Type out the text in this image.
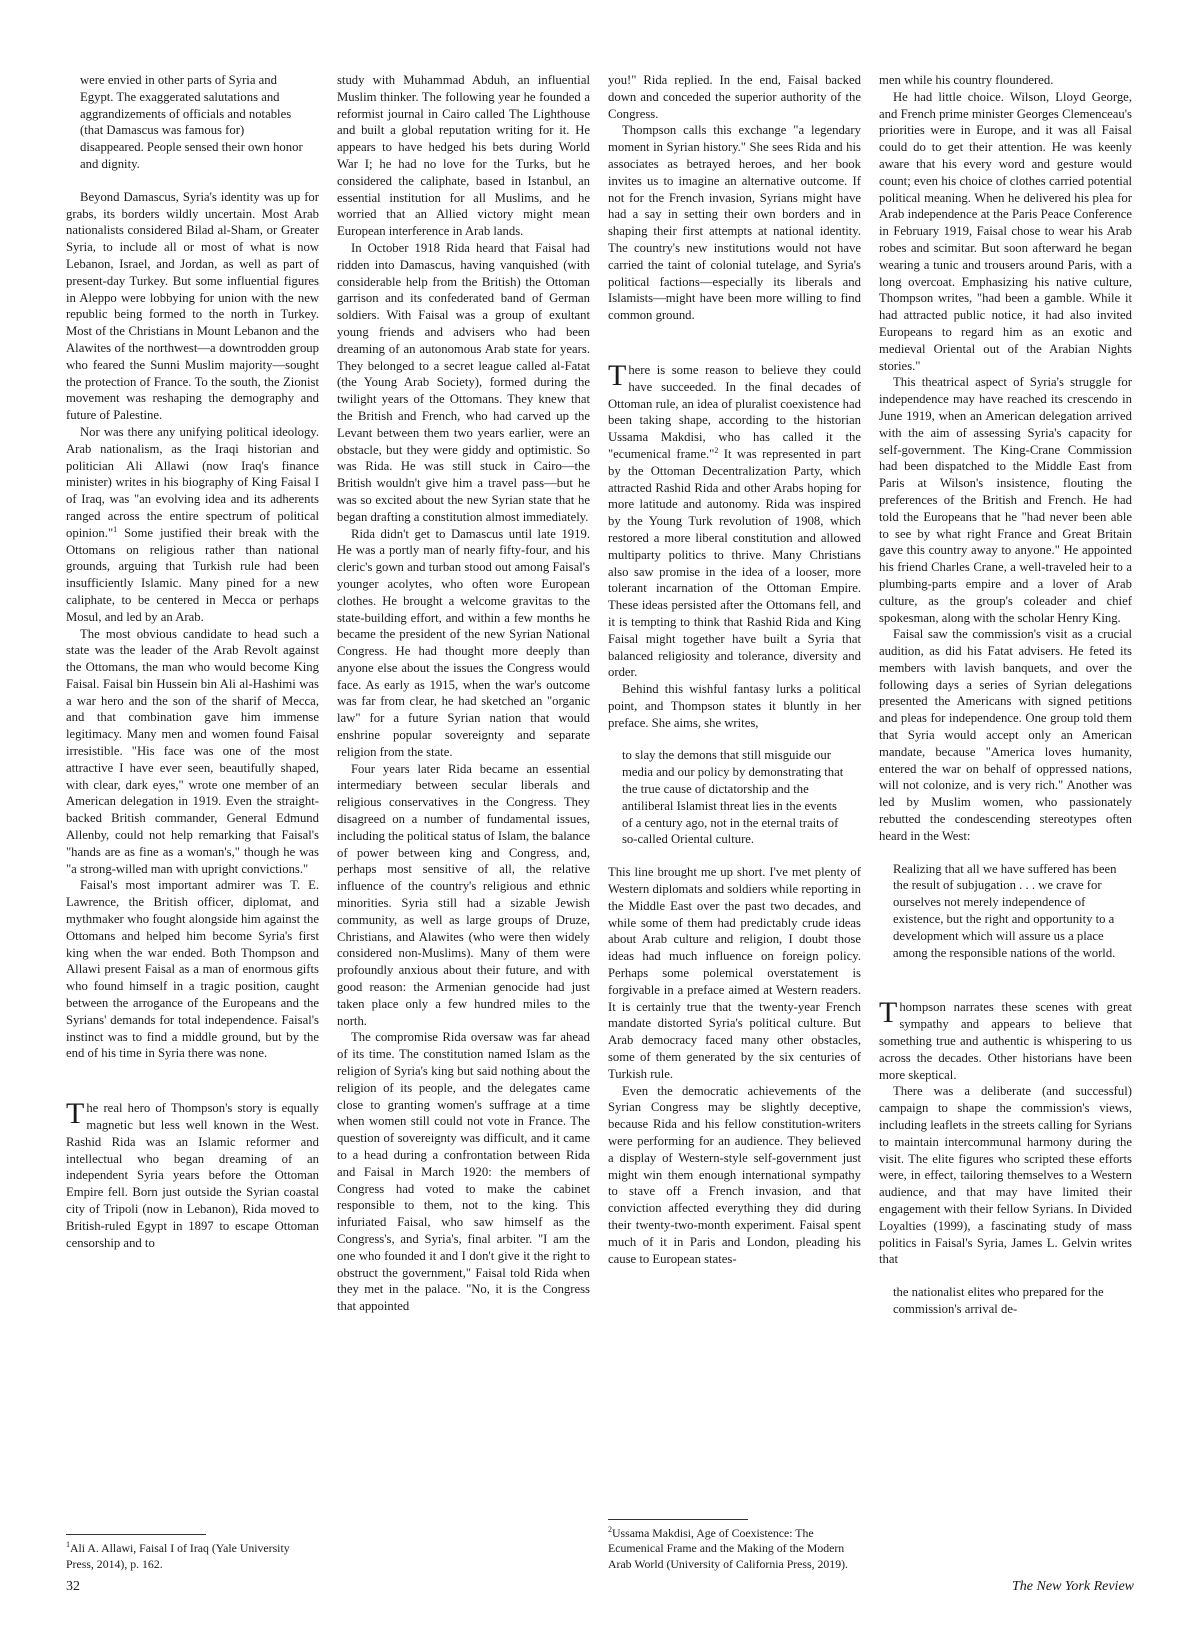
were envied in other parts of Syria and Egypt. The exaggerated salutations and aggrandizements of officials and notables (that Damascus was famous for) disappeared. People sensed their own honor and dignity.

Beyond Damascus, Syria's identity was up for grabs, its borders wildly uncertain. Most Arab nationalists considered Bilad al-Sham, or Greater Syria, to include all or most of what is now Lebanon, Israel, and Jordan, as well as part of present-day Turkey. But some influential figures in Aleppo were lobbying for union with the new republic being formed to the north in Turkey. Most of the Christians in Mount Lebanon and the Alawites of the northwest—a downtrodden group who feared the Sunni Muslim majority—sought the protection of France. To the south, the Zionist movement was reshaping the demography and future of Palestine.

Nor was there any unifying political ideology. Arab nationalism, as the Iraqi historian and politician Ali Allawi (now Iraq's finance minister) writes in his biography of King Faisal I of Iraq, was "an evolving idea and its adherents ranged across the entire spectrum of political opinion."$^1$ Some justified their break with the Ottomans on religious rather than national grounds, arguing that Turkish rule had been insufficiently Islamic. Many pined for a new caliphate, to be centered in Mecca or perhaps Mosul, and led by an Arab.

The most obvious candidate to head such a state was the leader of the Arab Revolt against the Ottomans, the man who would become King Faisal. Faisal bin Hussein bin Ali al-Hashimi was a war hero and the son of the sharif of Mecca, and that combination gave him immense legitimacy. Many men and women found Faisal irresistible. "His face was one of the most attractive I have ever seen, beautifully shaped, with clear, dark eyes," wrote one member of an American delegation in 1919. Even the straight-backed British commander, General Edmund Allenby, could not help remarking that Faisal's "hands are as fine as a woman's," though he was "a strong-willed man with upright convictions."

Faisal's most important admirer was T. E. Lawrence, the British officer, diplomat, and mythmaker who fought alongside him against the Ottomans and helped him become Syria's first king when the war ended. Both Thompson and Allawi present Faisal as a man of enormous gifts who found himself in a tragic position, caught between the arrogance of the Europeans and the Syrians' demands for total independence. Faisal's instinct was to find a middle ground, but by the end of his time in Syria there was none.

The real hero of Thompson's story is equally magnetic but less well known in the West. Rashid Rida was an Islamic reformer and intellectual who began dreaming of an independent Syria years before the Ottoman Empire fell. Born just outside the Syrian coastal city of Tripoli (now in Lebanon), Rida moved to British-ruled Egypt in 1897 to escape Ottoman censorship and to

$^1$Ali A. Allawi, Faisal I of Iraq (Yale University Press, 2014), p. 162.

study with Muhammad Abduh, an influential Muslim thinker. The following year he founded a reformist journal in Cairo called The Lighthouse and built a global reputation writing for it. He appears to have hedged his bets during World War I; he had no love for the Turks, but he considered the caliphate, based in Istanbul, an essential institution for all Muslims, and he worried that an Allied victory might mean European interference in Arab lands.

In October 1918 Rida heard that Faisal had ridden into Damascus, having vanquished (with considerable help from the British) the Ottoman garrison and its confederated band of German soldiers. With Faisal was a group of exultant young friends and advisers who had been dreaming of an autonomous Arab state for years. They belonged to a secret league called al-Fatat (the Young Arab Society), formed during the twilight years of the Ottomans. They knew that the British and French, who had carved up the Levant between them two years earlier, were an obstacle, but they were giddy and optimistic. So was Rida. He was still stuck in Cairo—the British wouldn't give him a travel pass—but he was so excited about the new Syrian state that he began drafting a constitution almost immediately.

Rida didn't get to Damascus until late 1919. He was a portly man of nearly fifty-four, and his cleric's gown and turban stood out among Faisal's younger acolytes, who often wore European clothes. He brought a welcome gravitas to the state-building effort, and within a few months he became the president of the new Syrian National Congress. He had thought more deeply than anyone else about the issues the Congress would face. As early as 1915, when the war's outcome was far from clear, he had sketched an "organic law" for a future Syrian nation that would enshrine popular sovereignty and separate religion from the state.

Four years later Rida became an essential intermediary between secular liberals and religious conservatives in the Congress. They disagreed on a number of fundamental issues, including the political status of Islam, the balance of power between king and Congress, and, perhaps most sensitive of all, the relative influence of the country's religious and ethnic minorities. Syria still had a sizable Jewish community, as well as large groups of Druze, Christians, and Alawites (who were then widely considered non-Muslims). Many of them were profoundly anxious about their future, and with good reason: the Armenian genocide had just taken place only a few hundred miles to the north.

The compromise Rida oversaw was far ahead of its time. The constitution named Islam as the religion of Syria's king but said nothing about the religion of its people, and the delegates came close to granting women's suffrage at a time when women still could not vote in France. The question of sovereignty was difficult, and it came to a head during a confrontation between Rida and Faisal in March 1920: the members of Congress had voted to make the cabinet responsible to them, not to the king. This infuriated Faisal, who saw himself as the Congress's, and Syria's, final arbiter. "I am the one who founded it and I don't give it the right to obstruct the government," Faisal told Rida when they met in the palace. "No, it is the Congress that appointed

you!" Rida replied. In the end, Faisal backed down and conceded the superior authority of the Congress.

Thompson calls this exchange "a legendary moment in Syrian history." She sees Rida and his associates as betrayed heroes, and her book invites us to imagine an alternative outcome. If not for the French invasion, Syrians might have had a say in setting their own borders and in shaping their first attempts at national identity. The country's new institutions would not have carried the taint of colonial tutelage, and Syria's political factions—especially its liberals and Islamists—might have been more willing to find common ground.

There is some reason to believe they could have succeeded. In the final decades of Ottoman rule, an idea of pluralist coexistence had been taking shape, according to the historian Ussama Makdisi, who has called it the "ecumenical frame."$^2$ It was represented in part by the Ottoman Decentralization Party, which attracted Rashid Rida and other Arabs hoping for more latitude and autonomy. Rida was inspired by the Young Turk revolution of 1908, which restored a more liberal constitution and allowed multiparty politics to thrive. Many Christians also saw promise in the idea of a looser, more tolerant incarnation of the Ottoman Empire. These ideas persisted after the Ottomans fell, and it is tempting to think that Rashid Rida and King Faisal might together have built a Syria that balanced religiosity and tolerance, diversity and order.

Behind this wishful fantasy lurks a political point, and Thompson states it bluntly in her preface. She aims, she writes,

to slay the demons that still misguide our media and our policy by demonstrating that the true cause of dictatorship and the antiliberal Islamist threat lies in the events of a century ago, not in the eternal traits of so-called Oriental culture.

This line brought me up short. I've met plenty of Western diplomats and soldiers while reporting in the Middle East over the past two decades, and while some of them had predictably crude ideas about Arab culture and religion, I doubt those ideas had much influence on foreign policy. Perhaps some polemical overstatement is forgivable in a preface aimed at Western readers. It is certainly true that the twenty-year French mandate distorted Syria's political culture. But Arab democracy faced many other obstacles, some of them generated by the six centuries of Turkish rule.

Even the democratic achievements of the Syrian Congress may be slightly deceptive, because Rida and his fellow constitution-writers were performing for an audience. They believed a display of Western-style self-government just might win them enough international sympathy to stave off a French invasion, and that conviction affected everything they did during their twenty-two-month experiment. Faisal spent much of it in Paris and London, pleading his cause to European states-

$^2$Ussama Makdisi, Age of Coexistence: The Ecumenical Frame and the Making of the Modern Arab World (University of California Press, 2019).

men while his country floundered.

He had little choice. Wilson, Lloyd George, and French prime minister Georges Clemenceau's priorities were in Europe, and it was all Faisal could do to get their attention. He was keenly aware that his every word and gesture would count; even his choice of clothes carried potential political meaning. When he delivered his plea for Arab independence at the Paris Peace Conference in February 1919, Faisal chose to wear his Arab robes and scimitar. But soon afterward he began wearing a tunic and trousers around Paris, with a long overcoat. Emphasizing his native culture, Thompson writes, "had been a gamble. While it had attracted public notice, it had also invited Europeans to regard him as an exotic and medieval Oriental out of the Arabian Nights stories."

This theatrical aspect of Syria's struggle for independence may have reached its crescendo in June 1919, when an American delegation arrived with the aim of assessing Syria's capacity for self-government. The King-Crane Commission had been dispatched to the Middle East from Paris at Wilson's insistence, flouting the preferences of the British and French. He had told the Europeans that he "had never been able to see by what right France and Great Britain gave this country away to anyone." He appointed his friend Charles Crane, a well-traveled heir to a plumbing-parts empire and a lover of Arab culture, as the group's coleader and chief spokesman, along with the scholar Henry King.

Faisal saw the commission's visit as a crucial audition, as did his Fatat advisers. He feted its members with lavish banquets, and over the following days a series of Syrian delegations presented the Americans with signed petitions and pleas for independence. One group told them that Syria would accept only an American mandate, because "America loves humanity, entered the war on behalf of oppressed nations, will not colonize, and is very rich." Another was led by Muslim women, who passionately rebutted the condescending stereotypes often heard in the West:

Realizing that all we have suffered has been the result of subjugation . . . we crave for ourselves not merely independence of existence, but the right and opportunity to a development which will assure us a place among the responsible nations of the world.

Thompson narrates these scenes with great sympathy and appears to believe that something true and authentic is whispering to us across the decades. Other historians have been more skeptical.

There was a deliberate (and successful) campaign to shape the commission's views, including leaflets in the streets calling for Syrians to maintain intercommunal harmony during the visit. The elite figures who scripted these efforts were, in effect, tailoring themselves to a Western audience, and that may have limited their engagement with their fellow Syrians. In Divided Loyalties (1999), a fascinating study of mass politics in Faisal's Syria, James L. Gelvin writes that

the nationalist elites who prepared for the commission's arrival de-
32	The New York Review
